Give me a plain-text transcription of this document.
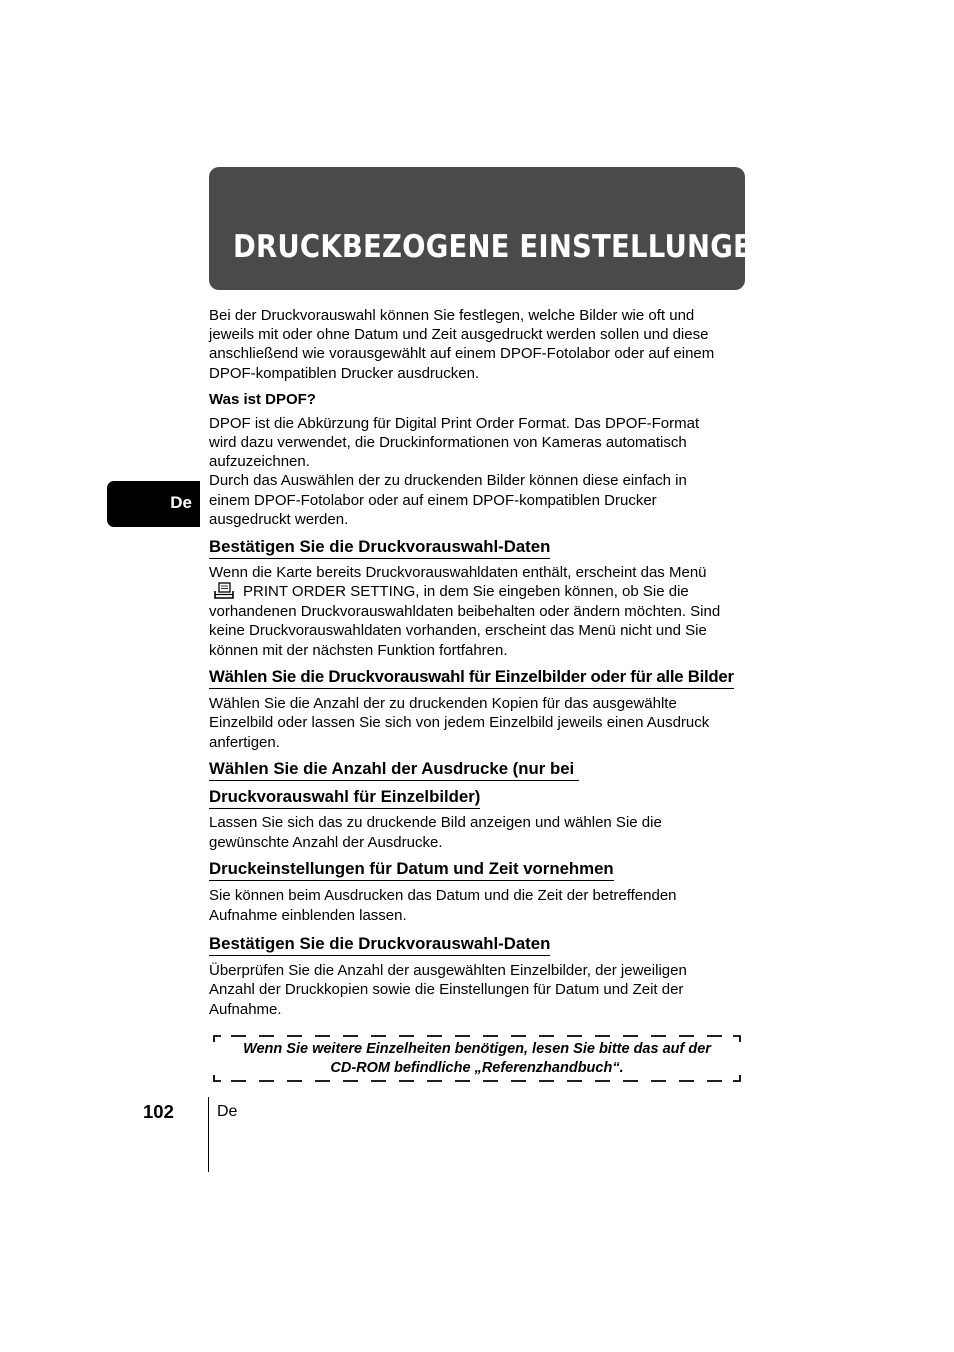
DRUCKBEZOGENE EINSTELLUNGEN
De

Bei der Druckvorauswahl können Sie festlegen, welche Bilder wie oft und

jeweils mit oder ohne Datum und Zeit ausgedruckt werden sollen und diese

anschließend wie vorausgewählt auf einem DPOF-Fotolabor oder auf einem

DPOF-kompatiblen Drucker ausdrucken.

Was ist DPOF?

DPOF ist die Abkürzung für Digital Print Order Format. Das DPOF-Format

wird dazu verwendet, die Druckinformationen von Kameras automatisch

aufzuzeichnen.

Durch das Auswählen der zu druckenden Bilder können diese einfach in

einem DPOF-Fotolabor oder auf einem DPOF-kompatiblen Drucker

ausgedruckt werden.

Bestätigen Sie die Druckvorauswahl-Daten

Wenn die Karte bereits Druckvorauswahldaten enthält, erscheint das Menü

PRINT ORDER SETTING, in dem Sie eingeben können, ob Sie die

vorhandenen Druckvorauswahldaten beibehalten oder ändern möchten. Sind

keine Druckvorauswahldaten vorhanden, erscheint das Menü nicht und Sie

können mit der nächsten Funktion fortfahren.

Wählen Sie die Druckvorauswahl für Einzelbilder oder für alle Bilder

Wählen Sie die Anzahl der zu druckenden Kopien für das ausgewählte

Einzelbild oder lassen Sie sich von jedem Einzelbild jeweils einen Ausdruck

anfertigen.

Wählen Sie die Anzahl der Ausdrucke (nur bei

Druckvorauswahl für Einzelbilder)

Lassen Sie sich das zu druckende Bild anzeigen und wählen Sie die

gewünschte Anzahl der Ausdrucke.

Druckeinstellungen für Datum und Zeit vornehmen

Sie können beim Ausdrucken das Datum und die Zeit der betreffenden

Aufnahme einblenden lassen.

Bestätigen Sie die Druckvorauswahl-Daten

Überprüfen Sie die Anzahl der ausgewählten Einzelbilder, der jeweiligen

Anzahl der Druckkopien sowie die Einstellungen für Datum und Zeit der

Aufnahme.

Wenn Sie weitere Einzelheiten benötigen, lesen Sie bitte das auf der
CD-ROM befindliche „Referenzhandbuch“.

102	De
